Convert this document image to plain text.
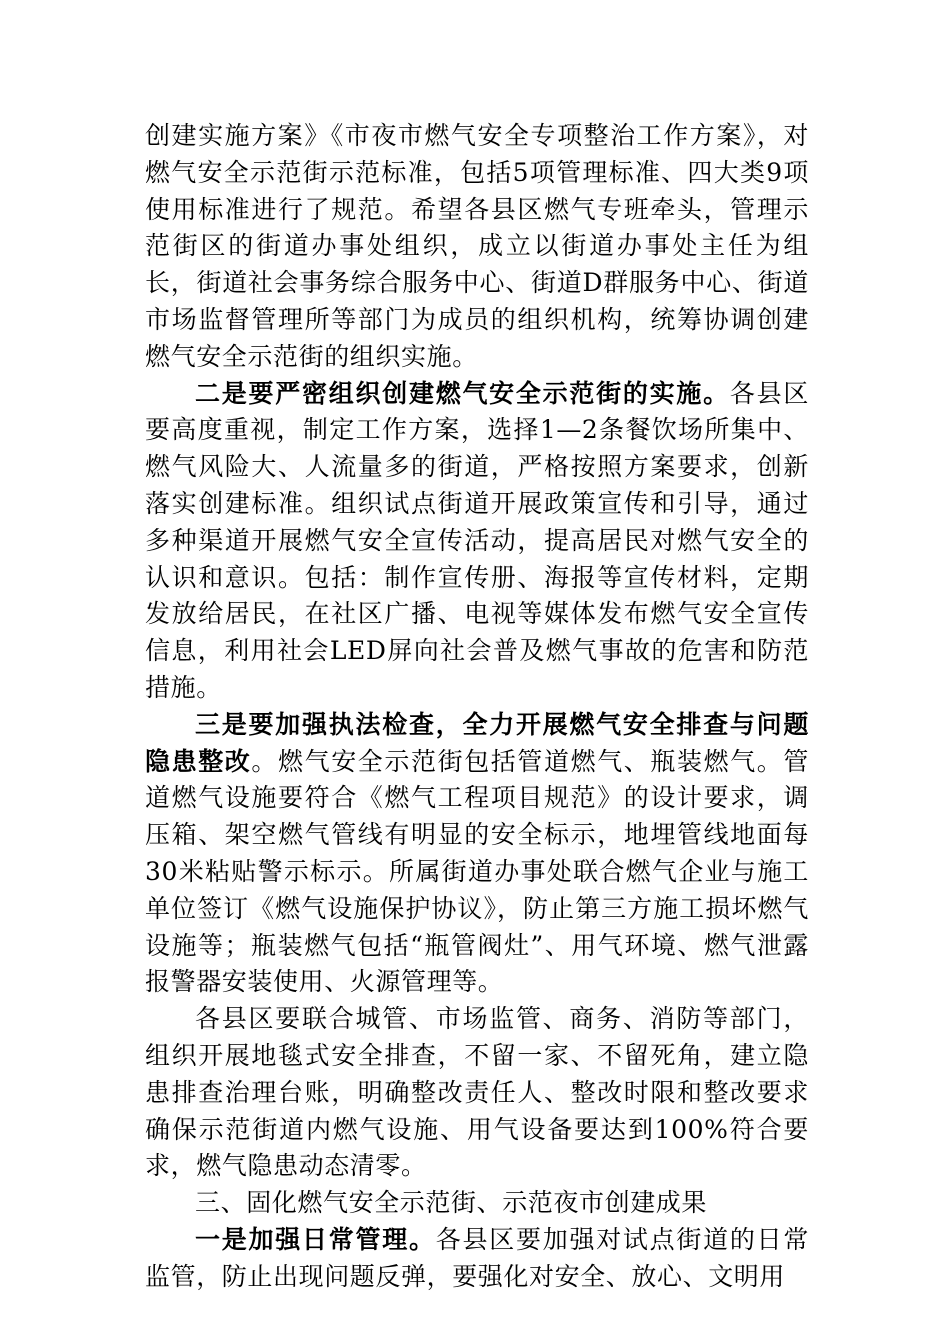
创建实施方案》《市夜市燃气安全专项整治工作方案》，对燃气安全示范街示范标准，包括5项管理标准、四大类9项使用标准进行了规范。希望各县区燃气专班牵头，管理示范街区的街道办事处组织，成立以街道办事处主任为组长，街道社会事务综合服务中心、街道D群服务中心、街道市场监督管理所等部门为成员的组织机构，统筹协调创建燃气安全示范街的组织实施。

二是要严密组织创建燃气安全示范街的实施。各县区要高度重视，制定工作方案，选择1—2条餐饮场所集中、燃气风险大、人流量多的街道，严格按照方案要求，创新落实创建标准。组织试点街道开展政策宣传和引导，通过多种渠道开展燃气安全宣传活动，提高居民对燃气安全的认识和意识。包括：制作宣传册、海报等宣传材料，定期发放给居民，在社区广播、电视等媒体发布燃气安全宣传信息，利用社会LED屏向社会普及燃气事故的危害和防范措施。

三是要加强执法检查，全力开展燃气安全排查与问题隐患整改。燃气安全示范街包括管道燃气、瓶装燃气。管道燃气设施要符合《燃气工程项目规范》的设计要求，调压箱、架空燃气管线有明显的安全标示，地埋管线地面每30米粘贴警示标示。所属街道办事处联合燃气企业与施工单位签订《燃气设施保护协议》，防止第三方施工损坏燃气设施等；瓶装燃气包括“瓶管阀灶”、用气环境、燃气泄露报警器安装使用、火源管理等。

各县区要联合城管、市场监管、商务、消防等部门，组织开展地毯式安全排查，不留一家、不留死角，建立隐患排查治理台账，明确整改责任人、整改时限和整改要求确保示范街道内燃气设施、用气设备要达到100%符合要求，燃气隐患动态清零。

三、固化燃气安全示范街、示范夜市创建成果

一是加强日常管理。各县区要加强对试点街道的日常监管，防止出现问题反弹，要强化对安全、放心、文明用
